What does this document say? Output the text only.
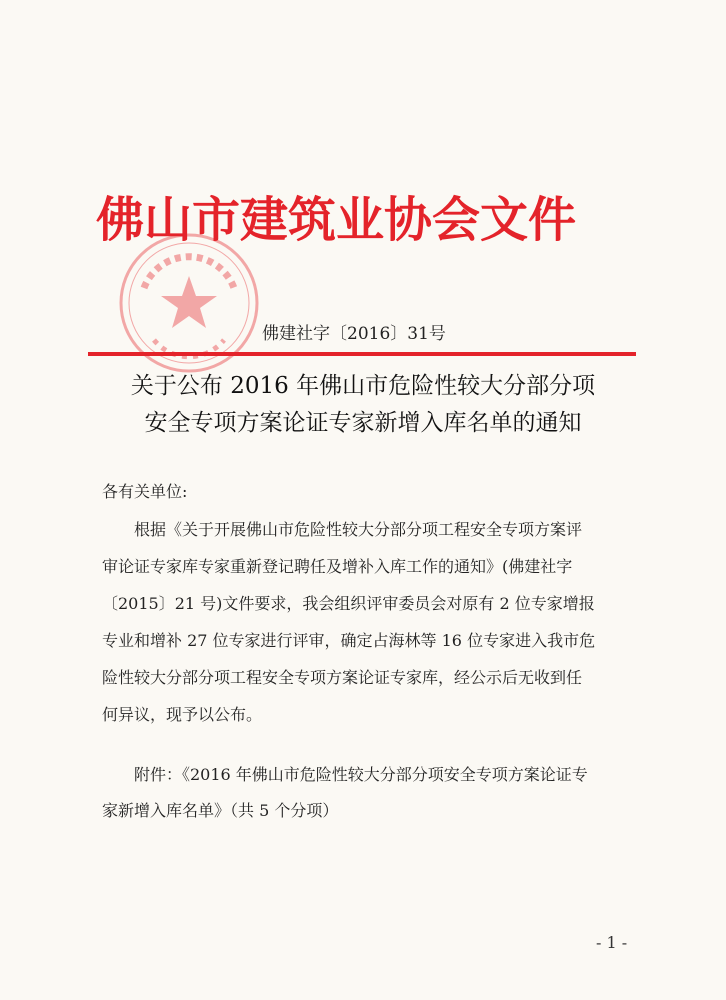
佛山市建筑业协会文件
佛建社字〔2016〕31号
关于公布 2016 年佛山市危险性较大分部分项
安全专项方案论证专家新增入库名单的通知
各有关单位:
根据《关于开展佛山市危险性较大分部分项工程安全专项方案评
审论证专家库专家重新登记聘任及增补入库工作的通知》(佛建社字
〔2015〕21 号)文件要求，我会组织评审委员会对原有 2 位专家增报
专业和增补 27 位专家进行评审，确定占海林等 16 位专家进入我市危
险性较大分部分项工程安全专项方案论证专家库，经公示后无收到任
何异议，现予以公布。
附件：《2016 年佛山市危险性较大分部分项安全专项方案论证专
家新增入库名单》（共 5 个分项）
- 1 -
